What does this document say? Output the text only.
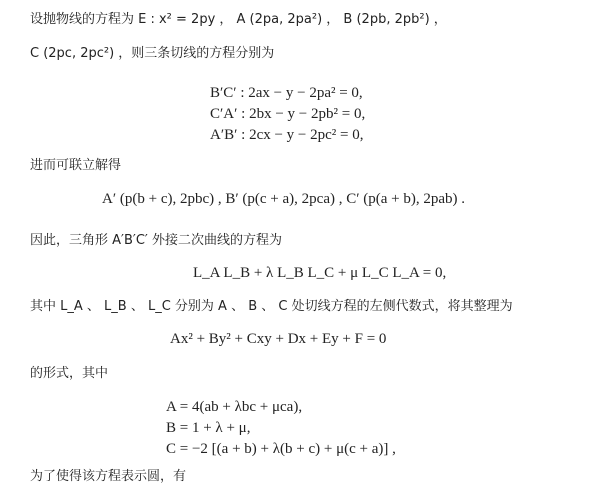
设抛物线的方程为 E : x² = 2py ， A (2pa, 2pa²) ， B (2pb, 2pb²) ，
C (2pc, 2pc²) ，则三条切线的方程分别为
B′C′ : 2ax − y − 2pa² = 0,
C′A′ : 2bx − y − 2pb² = 0,
A′B′ : 2cx − y − 2pc² = 0,
进而可联立解得
A′ (p(b + c), 2pbc) , B′ (p(c + a), 2pca) , C′ (p(a + b), 2pab) .
因此，三角形 A′B′C′ 外接二次曲线的方程为
L_A L_B + λ L_B L_C + μ L_C L_A = 0,
其中 L_A 、 L_B 、 L_C 分别为 A 、 B 、 C 处切线方程的左侧代数式，将其整理为
Ax² + By² + Cxy + Dx + Ey + F = 0
的形式，其中
A = 4(ab + λbc + μca),
B = 1 + λ + μ,
C = −2 [(a + b) + λ(b + c) + μ(c + a)] ,
为了使得该方程表示圆，有
